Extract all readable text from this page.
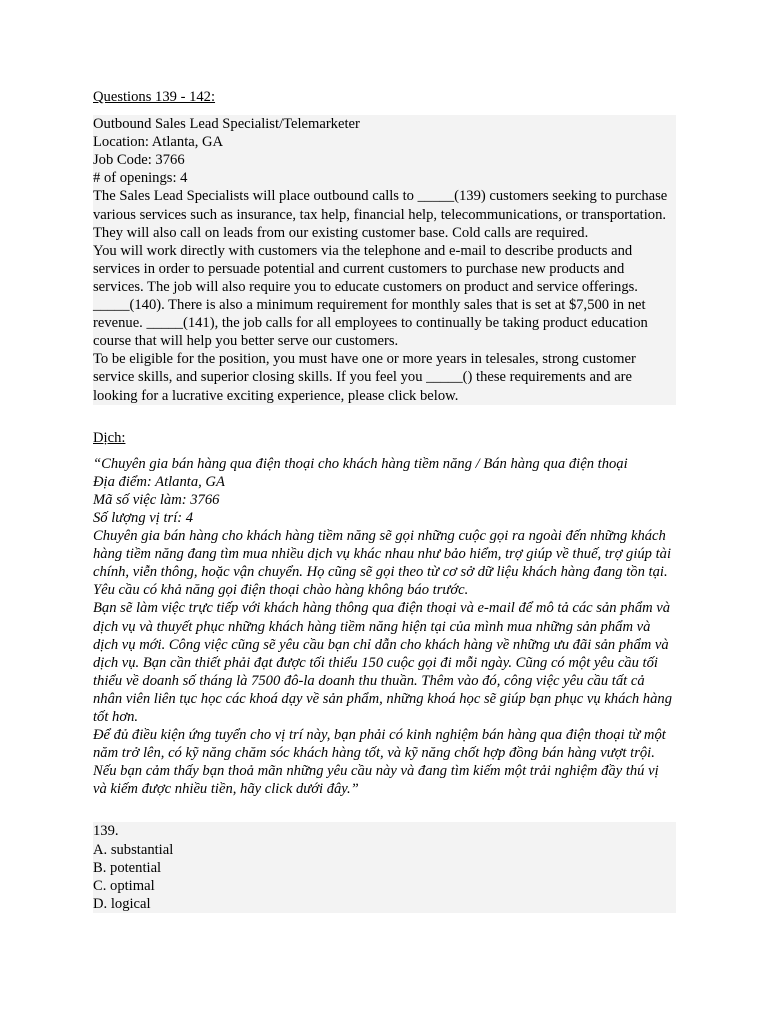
Questions 139 - 142:

Outbound Sales Lead Specialist/Telemarketer

Location: Atlanta, GA

Job Code: 3766

# of openings: 4

The Sales Lead Specialists will place outbound calls to _____(139) customers seeking to purchase various services such as insurance, tax help, financial help, telecommunications, or transportation. They will also call on leads from our existing customer base. Cold calls are required.

You will work directly with customers via the telephone and e-mail to describe products and services in order to persuade potential and current customers to purchase new products and services. The job will also require you to educate customers on product and service offerings. _____(140). There is also a minimum requirement for monthly sales that is set at $7,500 in net revenue. _____(141), the job calls for all employees to continually be taking product education course that will help you better serve our customers.

To be eligible for the position, you must have one or more years in telesales, strong customer service skills, and superior closing skills. If you feel you _____() these requirements and are looking for a lucrative exciting experience, please click below.

Dịch:

“Chuyên gia bán hàng qua điện thoại cho khách hàng tiềm năng / Bán hàng qua điện thoại

Địa điểm: Atlanta, GA

Mã số việc làm: 3766

Số lượng vị trí: 4

Chuyên gia bán hàng cho khách hàng tiềm năng sẽ gọi những cuộc gọi ra ngoài đến những khách hàng tiềm năng đang tìm mua nhiều dịch vụ khác nhau như bảo hiểm, trợ giúp về thuế, trợ giúp tài chính, viễn thông, hoặc vận chuyển. Họ cũng sẽ gọi theo từ cơ sở dữ liệu khách hàng đang tồn tại. Yêu cầu có khả năng gọi điện thoại chào hàng không báo trước.

Bạn sẽ làm việc trực tiếp với khách hàng thông qua điện thoại và e-mail để mô tả các sản phẩm và dịch vụ và thuyết phục những khách hàng tiềm năng hiện tại của mình mua những sản phẩm và dịch vụ mới. Công việc cũng sẽ yêu cầu bạn chỉ dẫn cho khách hàng về những ưu đãi sản phẩm và dịch vụ. Bạn cần thiết phải đạt được tối thiểu 150 cuộc gọi đi mỗi ngày. Cũng có một yêu cầu tối thiểu về doanh số tháng là 7500 đô-la doanh thu thuần. Thêm vào đó, công việc yêu cầu tất cả nhân viên liên tục học các khoá dạy về sản phẩm, những khoá học sẽ giúp bạn phục vụ khách hàng tốt hơn.

Để đủ điều kiện ứng tuyển cho vị trí này, bạn phải có kinh nghiệm bán hàng qua điện thoại từ một năm trở lên, có kỹ năng chăm sóc khách hàng tốt, và kỹ năng chốt hợp đồng bán hàng vượt trội. Nếu bạn cảm thấy bạn thoả mãn những yêu cầu này và đang tìm kiếm một trải nghiệm đầy thú vị và kiếm được nhiều tiền, hãy click dưới đây.”

139.

A. substantial

B. potential

C. optimal

D. logical
